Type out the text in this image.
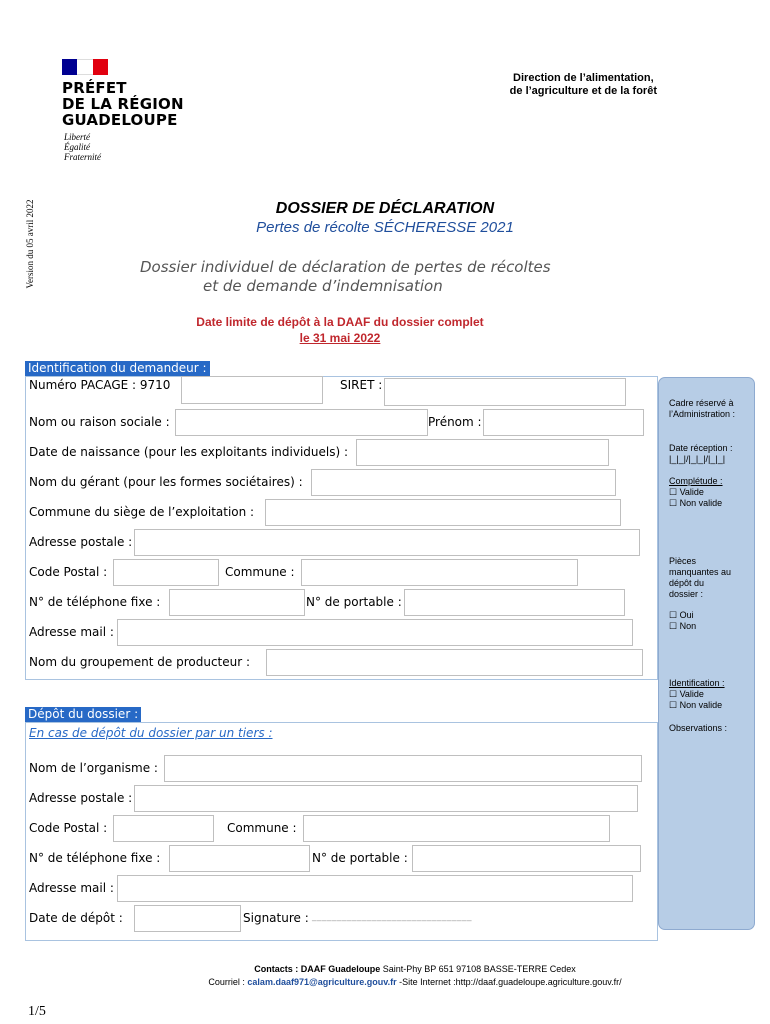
PRÉFET
DE LA RÉGION
GUADELOUPE
Liberté
Égalité
Fraternité
Direction de l’alimentation,
de l’agriculture et de la forêt
Version du 05 avril 2022	DOSSIER DE DÉCLARATION
Pertes de récolte SÉCHERESSE 2021
Dossier individuel de déclaration de pertes de récoltes
et de demande d’indemnisation
Date limite de dépôt à la DAAF du dossier complet
le 31 mai 2022
Identification du demandeur :
Numéro PACAGE : 9710	SIRET :
Nom ou raison sociale :	Prénom :
Date de naissance (pour les exploitants individuels) :
Nom du gérant (pour les formes sociétaires) :
Commune du siège de l’exploitation :
Adresse postale :
Code Postal :	Commune :
N° de téléphone fixe :	N° de portable :
Adresse mail :
Nom du groupement de producteur :
Dépôt du dossier :
En cas de dépôt du dossier par un tiers :
Nom de l’organisme :
Adresse postale :
Code Postal :	Commune :
N° de téléphone fixe :	N° de portable :
Adresse mail :
Date de dépôt :	Signature : ________________________________
Cadre réservé à
l’Administration :
Date réception :
|_|_|/|_|_|/|_|_|
Complétude :
☐ Valide
☐ Non valide
Pièces
manquantes au
dépôt du
dossier :
☐ Oui
☐ Non
Identification :
☐ Valide
☐ Non valide
Observations :
Contacts : DAAF Guadeloupe Saint-Phy BP 651 97108 BASSE-TERRE Cedex
Courriel : calam.daaf971@agriculture.gouv.fr -Site Internet :http://daaf.guadeloupe.agriculture.gouv.fr/
1/5
